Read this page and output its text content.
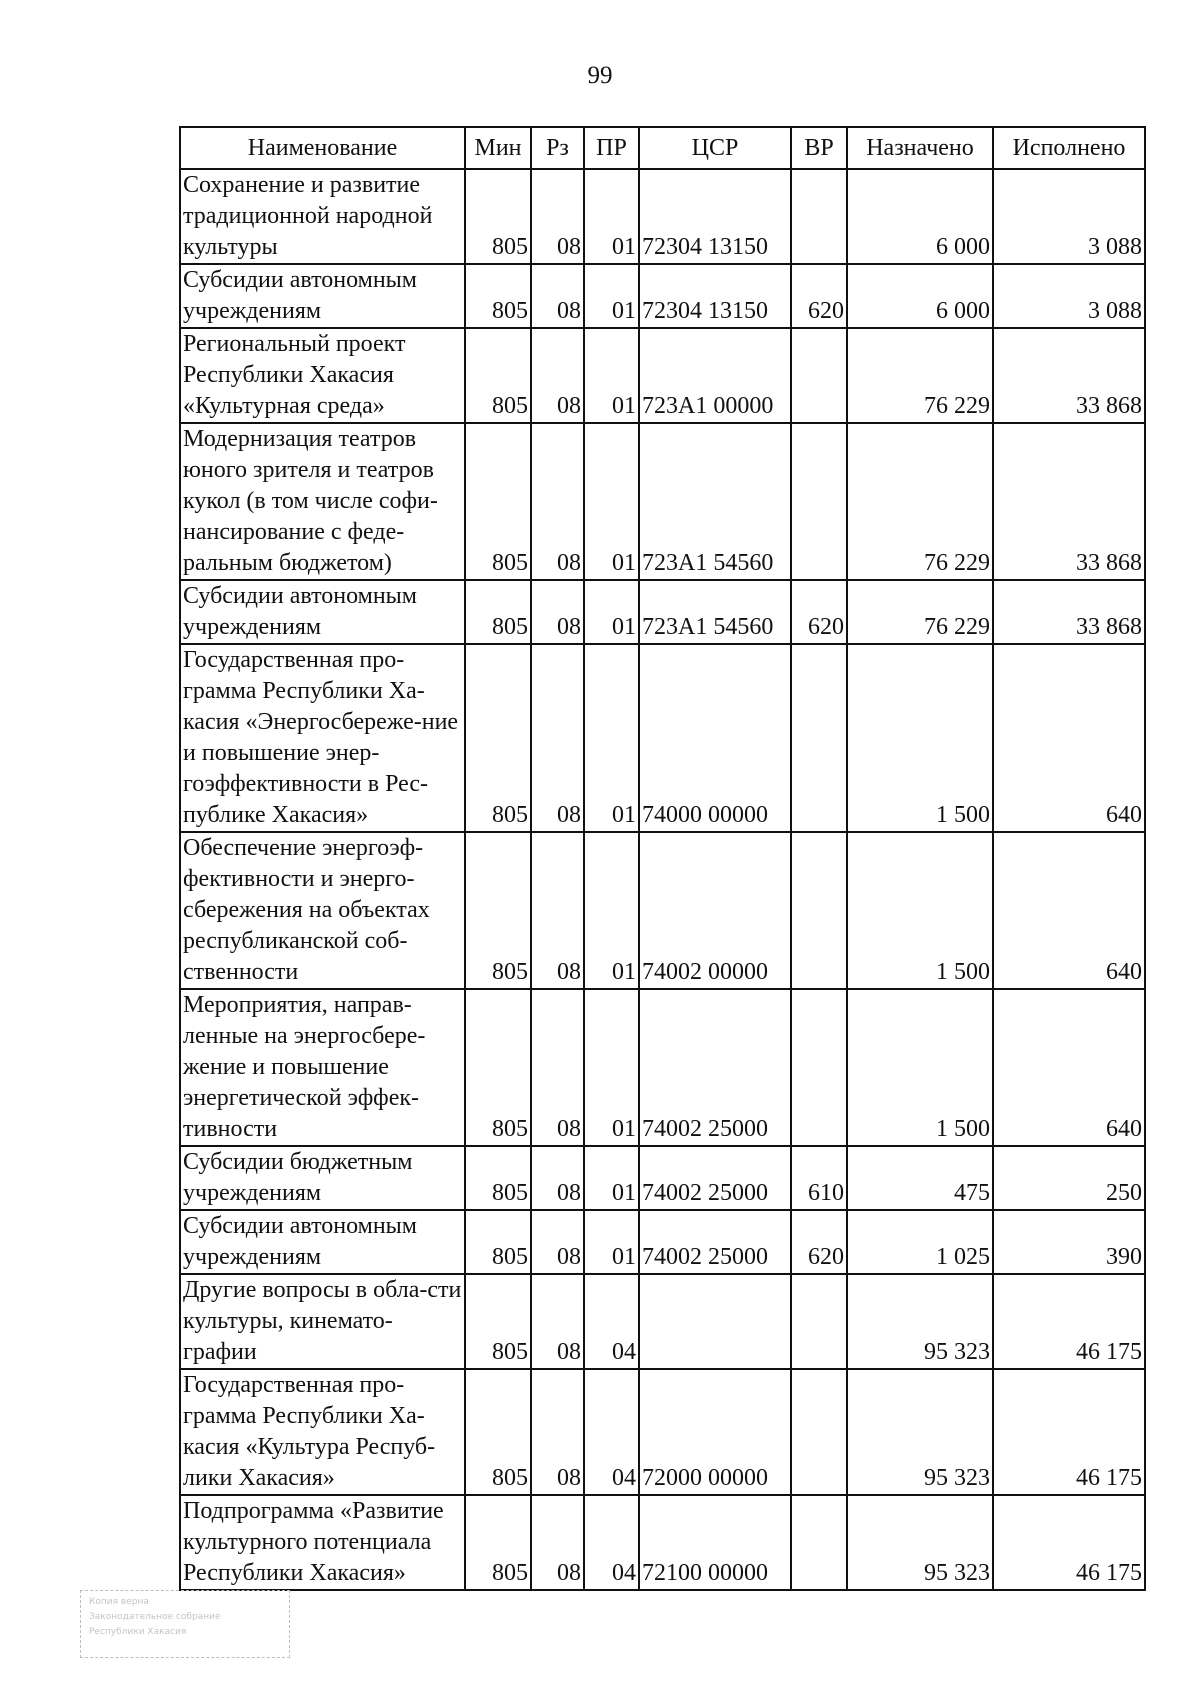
99
Наименование	Мин	Рз	ПР	ЦСР	ВР	Назначено	Исполнено
Сохранение и развитие традиционной народной культуры	805	08	01	72304 13150		6 000	3 088
Субсидии автономным учреждениям	805	08	01	72304 13150	620	6 000	3 088
Региональный проект Республики Хакасия «Культурная среда»	805	08	01	723A1 00000		76 229	33 868
Модернизация театров юного зрителя и театров кукол (в том числе софи-нансирование с феде-ральным бюджетом)	805	08	01	723A1 54560		76 229	33 868
Субсидии автономным учреждениям	805	08	01	723A1 54560	620	76 229	33 868
Государственная про-грамма Республики Ха-касия «Энергосбереже-ние и повышение энер-гоэффективности в Рес-публике Хакасия»	805	08	01	74000 00000		1 500	640
Обеспечение энергоэф-фективности и энерго-сбережения на объектах республиканской соб-ственности	805	08	01	74002 00000		1 500	640
Мероприятия, направ-ленные на энергосбере-жение и повышение энергетической эффек-тивности	805	08	01	74002 25000		1 500	640
Субсидии бюджетным учреждениям	805	08	01	74002 25000	610	475	250
Субсидии автономным учреждениям	805	08	01	74002 25000	620	1 025	390
Другие вопросы в обла-сти культуры, кинемато-графии	805	08	04			95 323	46 175
Государственная про-грамма Республики Ха-касия «Культура Респуб-лики Хакасия»	805	08	04	72000 00000		95 323	46 175
Подпрограмма «Развитие культурного потенциала Республики Хакасия»	805	08	04	72100 00000		95 323	46 175
Копия верна
Законодательное собрание
Республики Хакасия
